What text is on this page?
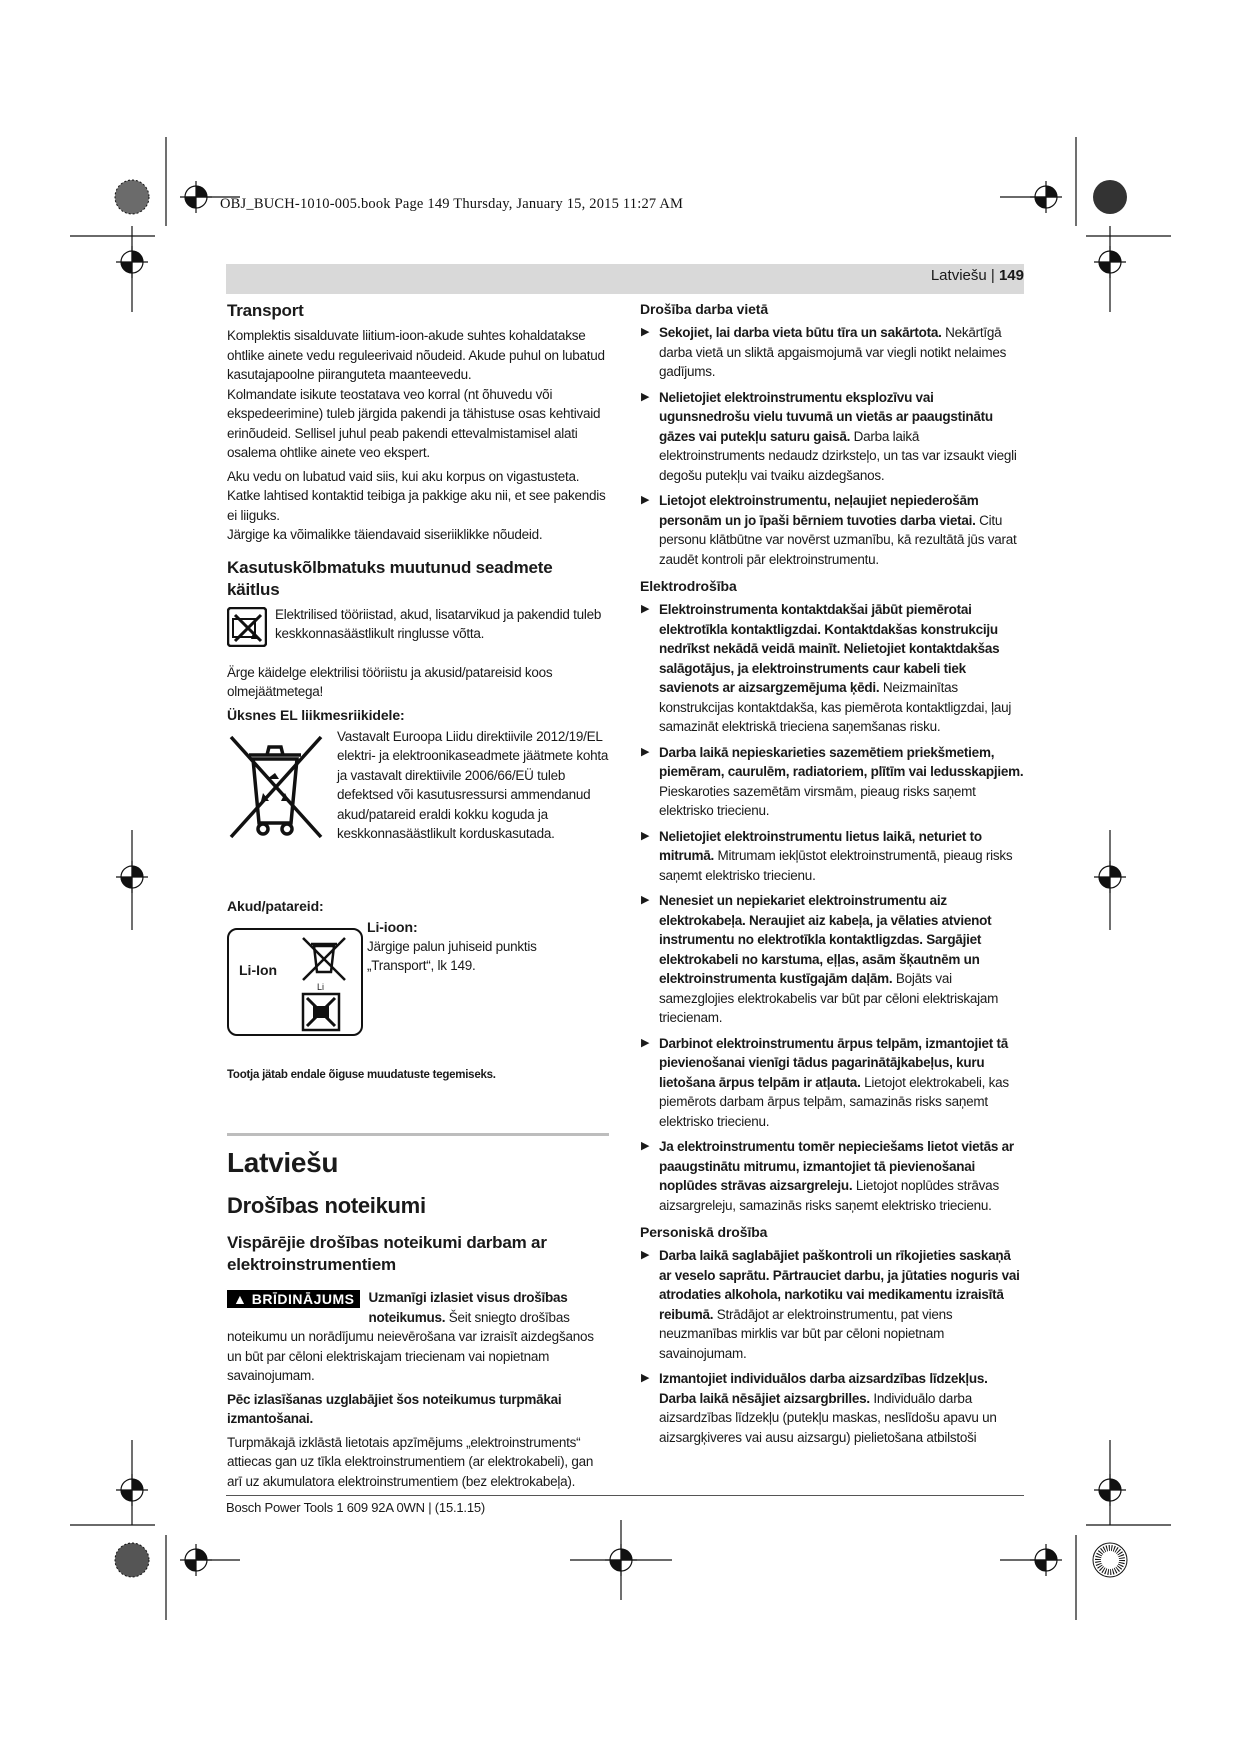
OBJ_BUCH-1010-005.book Page 149 Thursday, January 15, 2015 11:27 AM
Latviešu | 149
Transport

Komplektis sisalduvate liitium-ioon-akude suhtes kohaldatakse ohtlike ainete vedu reguleerivaid nõudeid. Akude puhul on lubatud kasutajapoolne piiranguteta maanteevedu.

Kolmandate isikute teostatava veo korral (nt õhuvedu või ekspedeerimine) tuleb järgida pakendi ja tähistuse osas kehtivaid erinõudeid. Sellisel juhul peab pakendi ettevalmistamisel alati osalema ohtlike ainete veo ekspert.

Aku vedu on lubatud vaid siis, kui aku korpus on vigastusteta. Katke lahtised kontaktid teibiga ja pakkige aku nii, et see pakendis ei liiguks.

Järgige ka võimalikke täiendavaid siseriiklikke nõudeid.

Kasutuskõlbmatuks muutunud seadmete käitlus

Elektrilised tööriistad, akud, lisatarvikud ja pakendid tuleb keskkonnasäästlikult ringlusse võtta.

Ärge käidelge elektrilisi tööriistu ja akusid/patareisid koos olmejäätmetega!

Üksnes EL liikmesriikidele:

Vastavalt Euroopa Liidu direktiivile 2012/19/EL elektri- ja elektroonikaseadmete jäätmete kohta ja vastavalt direktiivile 2006/66/EÜ tuleb defektsed või kasutusressursi ammendanud akud/patareid eraldi kokku koguda ja keskkonnasäästlikult korduskasutada.

Akud/patareid:
Li-Ion
Li
Li-ioon:

Järgige palun juhiseid punktis „Transport“, lk 149.

Tootja jätab endale õiguse muudatuste tegemiseks.

Latviešu
Drošības noteikumi
Vispārējie drošības noteikumi darbam ar elektroinstrumentiem
▲ BRĪDINĀJUMS	Uzmanīgi izlasiet visus drošības noteikumus. Šeit sniegto drošības noteikumu un norādījumu neievērošana var izraisīt aizdegšanos un būt par cēloni elektriskajam triecienam vai nopietnam savainojumam.

Pēc izlasīšanas uzglabājiet šos noteikumus turpmākai izmantošanai.

Turpmākajā izklāstā lietotais apzīmējums „elektroinstruments“ attiecas gan uz tīkla elektroinstrumentiem (ar elektrokabeli), gan arī uz akumulatora elektroinstrumentiem (bez elektrokabeļa).

Drošība darba vietā

▶ Sekojiet, lai darba vieta būtu tīra un sakārtota. Nekārtīgā darba vietā un sliktā apgaismojumā var viegli notikt nelaimes gadījums.

▶ Nelietojiet elektroinstrumentu eksplozīvu vai ugunsnedrošu vielu tuvumā un vietās ar paaugstinātu gāzes vai putekļu saturu gaisā. Darba laikā elektroinstruments nedaudz dzirksteļo, un tas var izsaukt viegli degošu putekļu vai tvaiku aizdegšanos.

▶ Lietojot elektroinstrumentu, neļaujiet nepiederošām personām un jo īpaši bērniem tuvoties darba vietai. Citu personu klātbūtne var novērst uzmanību, kā rezultātā jūs varat zaudēt kontroli pār elektroinstrumentu.

Elektrodrošība

▶ Elektroinstrumenta kontaktdakšai jābūt piemērotai elektrotīkla kontaktligzdai. Kontaktdakšas konstrukciju nedrīkst nekādā veidā mainīt. Nelietojiet kontaktdakšas salāgotājus, ja elektroinstruments caur kabeli tiek savienots ar aizsargzemējuma ķēdi. Neizmainītas konstrukcijas kontaktdakša, kas piemērota kontaktligzdai, ļauj samazināt elektriskā trieciena saņemšanas risku.

▶ Darba laikā nepieskarieties sazemētiem priekšmetiem, piemēram, caurulēm, radiatoriem, plītīm vai ledusskapjiem. Pieskaroties sazemētām virsmām, pieaug risks saņemt elektrisko triecienu.

▶ Nelietojiet elektroinstrumentu lietus laikā, neturiet to mitrumā. Mitrumam iekļūstot elektroinstrumentā, pieaug risks saņemt elektrisko triecienu.

▶ Nenesiet un nepiekariet elektroinstrumentu aiz elektrokabeļa. Neraujiet aiz kabeļa, ja vēlaties atvienot instrumentu no elektrotīkla kontaktligzdas. Sargājiet elektrokabeli no karstuma, eļļas, asām šķautnēm un elektroinstrumenta kustīgajām daļām. Bojāts vai samezglojies elektrokabelis var būt par cēloni elektriskajam triecienam.

▶ Darbinot elektroinstrumentu ārpus telpām, izmantojiet tā pievienošanai vienīgi tādus pagarinātājkabeļus, kuru lietošana ārpus telpām ir atļauta. Lietojot elektrokabeli, kas piemērots darbam ārpus telpām, samazinās risks saņemt elektrisko triecienu.

▶ Ja elektroinstrumentu tomēr nepieciešams lietot vietās ar paaugstinātu mitrumu, izmantojiet tā pievienošanai noplūdes strāvas aizsargreleju. Lietojot noplūdes strāvas aizsargreleju, samazinās risks saņemt elektrisko triecienu.

Personiskā drošība

▶ Darba laikā saglabājiet paškontroli un rīkojieties saskaņā ar veselo saprātu. Pārtrauciet darbu, ja jūtaties noguris vai atrodaties alkohola, narkotiku vai medikamentu izraisītā reibumā. Strādājot ar elektroinstrumentu, pat viens neuzmanības mirklis var būt par cēloni nopietnam savainojumam.

▶ Izmantojiet individuālos darba aizsardzības līdzekļus. Darba laikā nēsājiet aizsargbrilles. Individuālo darba aizsardzības līdzekļu (putekļu maskas, neslīdošu apavu un aizsargķiveres vai ausu aizsargu) pielietošana atbilstoši

Bosch Power Tools 1 609 92A 0WN | (15.1.15)
